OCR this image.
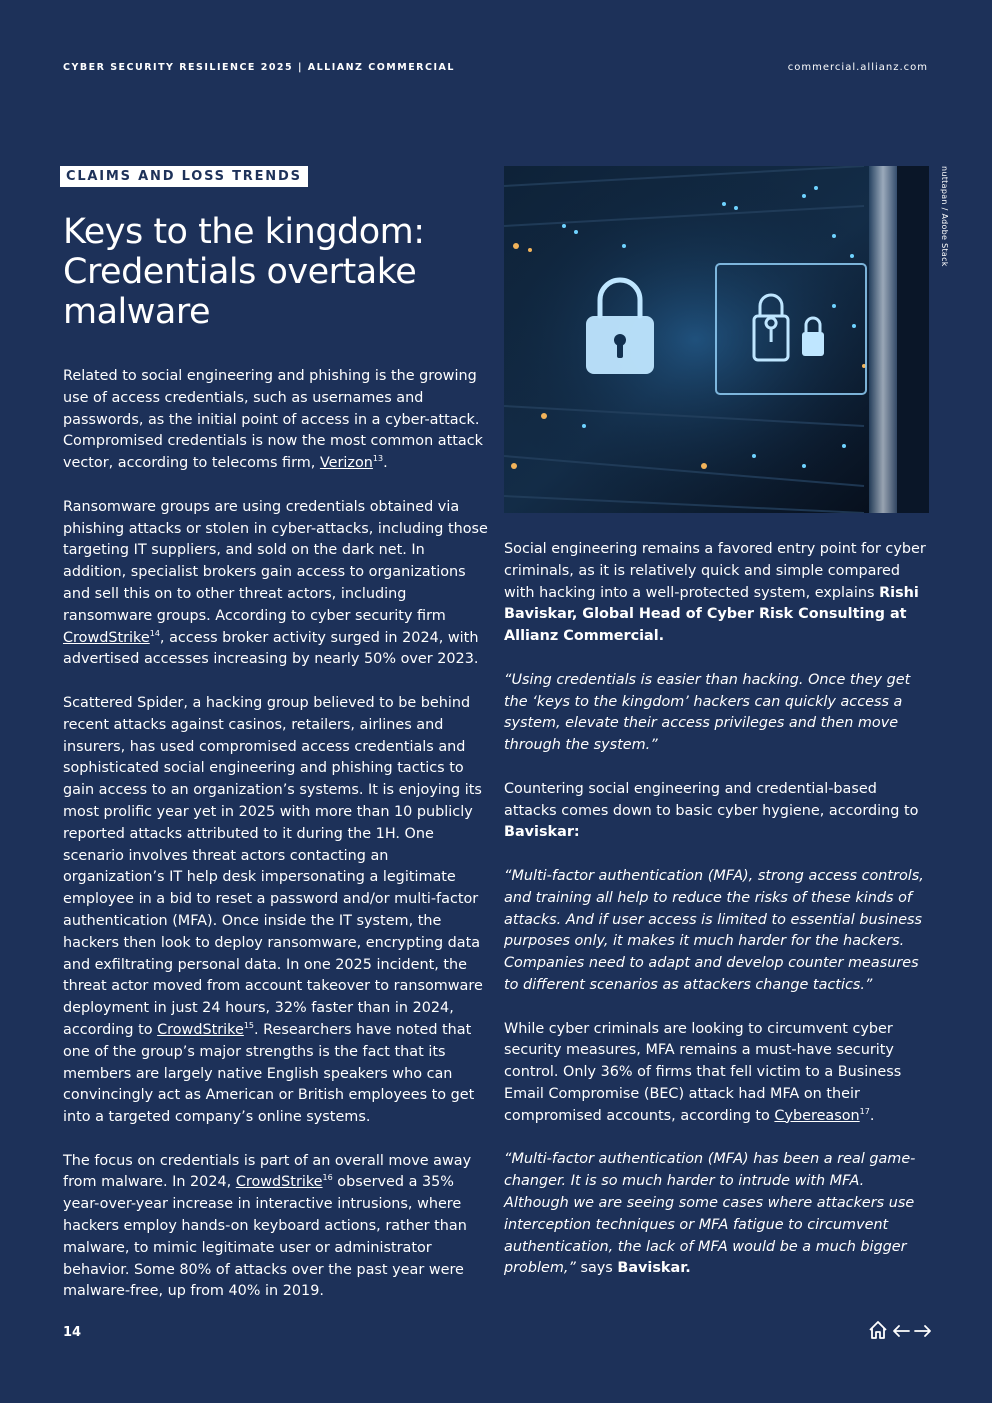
CYBER SECURITY RESILIENCE 2025 | ALLIANZ COMMERCIAL	commercial.allianz.com
CLAIMS AND LOSS TRENDS
Keys to the kingdom: Credentials overtake malware

Related to social engineering and phishing is the growing use of access credentials, such as usernames and passwords, as the initial point of access in a cyber-attack. Compromised credentials is now the most common attack vector, according to telecoms firm, Verizon$^{13}$.

Ransomware groups are using credentials obtained via phishing attacks or stolen in cyber-attacks, including those targeting IT suppliers, and sold on the dark net. In addition, specialist brokers gain access to organizations and sell this on to other threat actors, including ransomware groups. According to cyber security firm CrowdStrike$^{14}$, access broker activity surged in 2024, with advertised accesses increasing by nearly 50% over 2023.

Scattered Spider, a hacking group believed to be behind recent attacks against casinos, retailers, airlines and insurers, has used compromised access credentials and sophisticated social engineering and phishing tactics to gain access to an organization’s systems. It is enjoying its most prolific year yet in 2025 with more than 10 publicly reported attacks attributed to it during the 1H. One scenario involves threat actors contacting an organization’s IT help desk impersonating a legitimate employee in a bid to reset a password and/or multi-factor authentication (MFA). Once inside the IT system, the hackers then look to deploy ransomware, encrypting data and exfiltrating personal data. In one 2025 incident, the threat actor moved from account takeover to ransomware deployment in just 24 hours, 32% faster than in 2024, according to CrowdStrike$^{15}$. Researchers have noted that one of the group’s major strengths is the fact that its members are largely native English speakers who can convincingly act as American or British employees to get into a targeted company’s online systems.

The focus on credentials is part of an overall move away from malware. In 2024, CrowdStrike$^{16}$ observed a 35% year-over-year increase in interactive intrusions, where hackers employ hands-on keyboard actions, rather than malware, to mimic legitimate user or administrator behavior. Some 80% of attacks over the past year were malware-free, up from 40% in 2019.

nuttapan / Adobe Stack

Social engineering remains a favored entry point for cyber criminals, as it is relatively quick and simple compared with hacking into a well-protected system, explains Rishi Baviskar, Global Head of Cyber Risk Consulting at Allianz Commercial.

“Using credentials is easier than hacking. Once they get the ‘keys to the kingdom’ hackers can quickly access a system, elevate their access privileges and then move through the system.”

Countering social engineering and credential-based attacks comes down to basic cyber hygiene, according to Baviskar:

“Multi-factor authentication (MFA), strong access controls, and training all help to reduce the risks of these kinds of attacks. And if user access is limited to essential business purposes only, it makes it much harder for the hackers. Companies need to adapt and develop counter measures to different scenarios as attackers change tactics.”

While cyber criminals are looking to circumvent cyber security measures, MFA remains a must-have security control. Only 36% of firms that fell victim to a Business Email Compromise (BEC) attack had MFA on their compromised accounts, according to Cybereason$^{17}$.

“Multi-factor authentication (MFA) has been a real game-changer. It is so much harder to intrude with MFA. Although we are seeing some cases where attackers use interception techniques or MFA fatigue to circumvent authentication, the lack of MFA would be a much bigger problem,” says Baviskar.

14
